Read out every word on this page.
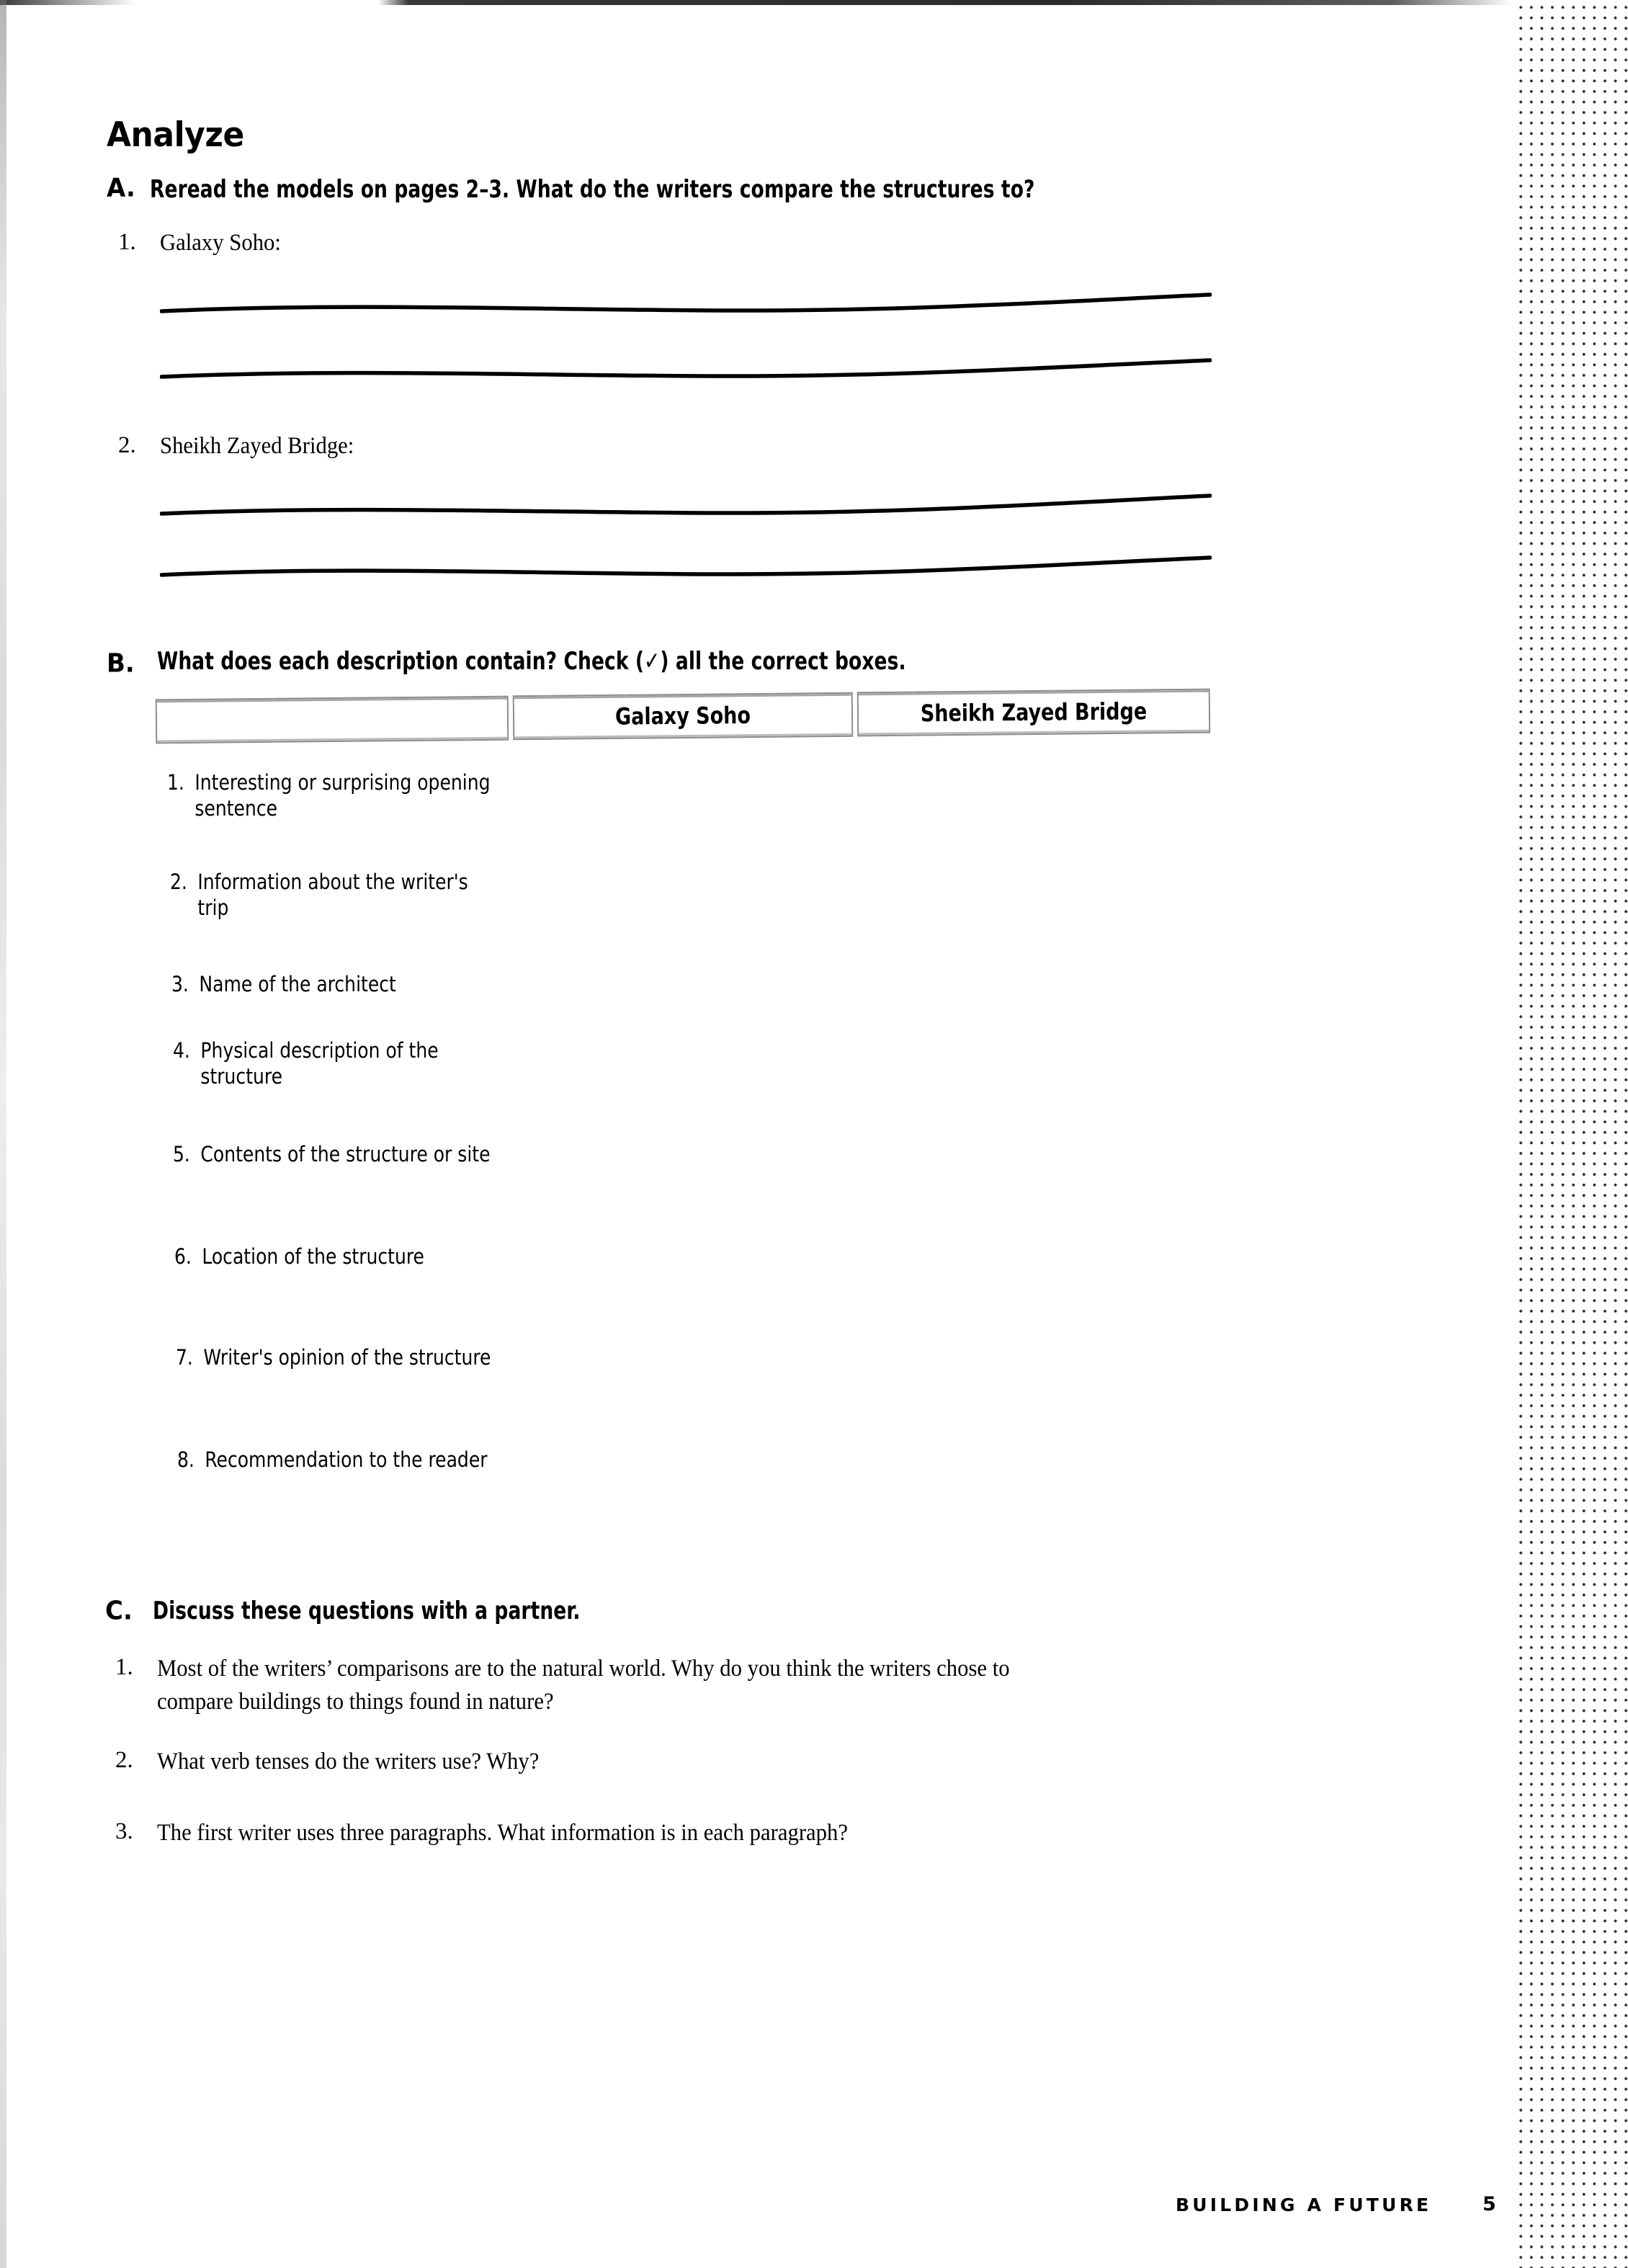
Analyze
A. Reread the models on pages 2–3. What do the writers compare the structures to?
1. Galaxy Soho:
2. Sheikh Zayed Bridge:
B. What does each description contain? Check (✓) all the correct boxes.
Galaxy Soho	Sheikh Zayed Bridge
1. Interesting or surprising opening sentence
2. Information about the writer's trip
3. Name of the architect
4. Physical description of the structure
5. Contents of the structure or site
6. Location of the structure
7. Writer's opinion of the structure
8. Recommendation to the reader
C. Discuss these questions with a partner.
1. Most of the writers’ comparisons are to the natural world. Why do you think the writers chose to compare buildings to things found in nature?
2. What verb tenses do the writers use? Why?
3. The first writer uses three paragraphs. What information is in each paragraph?
BUILDING A FUTURE	5
